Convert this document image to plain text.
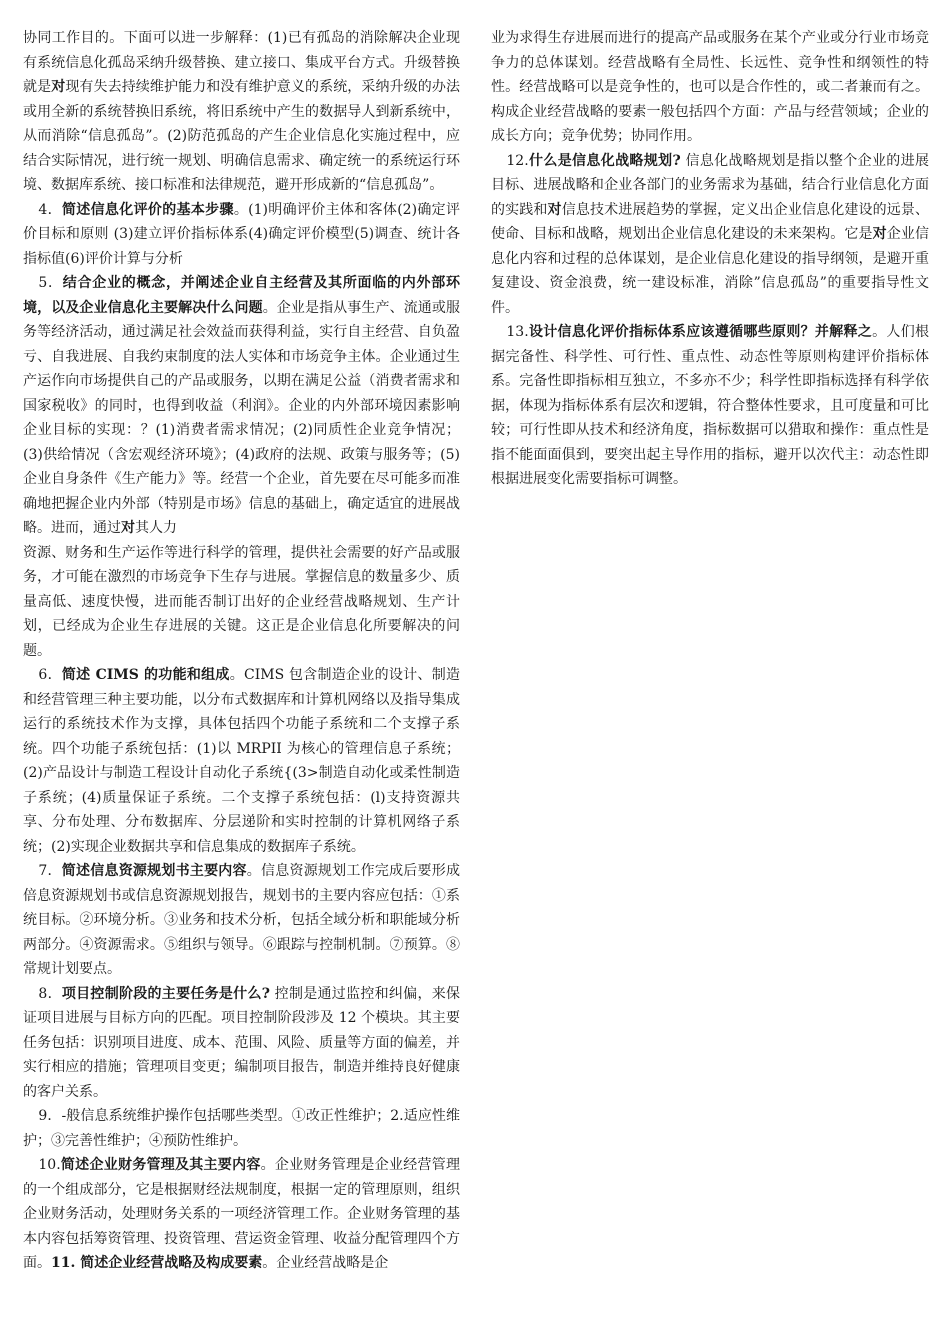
协同工作目的。下面可以进一步解释：(1)已有孤岛的消除解决企业现有系统信息化孤岛采纳升级替换、建立接口、集成平台方式。升级替换就是对现有失去持续维护能力和没有维护意义的系统，采纳升级的办法或用全新的系统替换旧系统，将旧系统中产生的数据导人到新系统中，从而消除“信息孤岛”。(2)防范孤岛的产生企业信息化实施过程中，应结合实际情况，进行统一规划、明确信息需求、确定统一的系统运行环境、数据库系统、接口标准和法律规范，避开形成新的“信息孤岛”。

4．简述信息化评价的基本步骤。(1)明确评价主体和客体(2)确定评价目标和原则 (3)建立评价指标体系(4)确定评价模型(5)调查、统计各指标值(6)评价计算与分析

5．结合企业的概念，并阐述企业自主经营及其所面临的内外部环境，以及企业信息化主要解决什么问题。企业是指从事生产、流通或服务等经济活动，通过满足社会效益而获得利益，实行自主经营、自负盈亏、自我进展、自我约束制度的法人实体和市场竞争主体。企业通过生产运作向市场提供自己的产品或服务，以期在满足公益（消费者需求和国家税收》的同时，也得到收益（利润》。企业的内外部环境因素影响企业目标的实现：？(1)消费者需求情况；(2)同质性企业竞争情况；(3)供给情况（含宏观经济环境》；(4)政府的法规、政策与服务等；(5)企业自身条件《生产能力》等。经营一个企业，首先要在尽可能多而准确地把握企业内外部（特别是市场》信息的基础上，确定适宜的进展战略。进而，通过对其人力

资源、财务和生产运作等进行科学的管理，提供社会需要的好产品或服务，才可能在激烈的市场竞争下生存与进展。掌握信息的数量多少、质量高低、速度快慢，进而能否制订出好的企业经营战略规划、生产计划，已经成为企业生存进展的关键。这正是企业信息化所要解决的问题。

6．简述 CIMS 的功能和组成。CIMS 包含制造企业的设计、制造和经营管理三种主要功能，以分布式数据库和计算机网络以及指导集成运行的系统技术作为支撑，具体包括四个功能子系统和二个支撑子系统。四个功能子系统包括：(1)以 MRPII 为核心的管理信息子系统；(2)产品设计与制造工程设计自动化子系统{(3>制造自动化或柔性制造子系统；(4)质量保证子系统。二个支撑子系统包括：(l)支持资源共享、分布处理、分布数据库、分层递阶和实时控制的计算机网络子系统；(2)实现企业数据共享和信息集成的数据库子系统。

7．简述信息资源规划书主要内容。信息资源规划工作完成后要形成倍息资源规划书或信息资源规划报告，规划书的主要内容应包括：①系统目标。②环境分析。③业务和技术分析，包括全域分析和职能域分析两部分。④资源需求。⑤组织与领导。⑥跟踪与控制机制。⑦预算。⑧常规计划要点。

8．项目控制阶段的主要任务是什么? 控制是通过监控和纠偏，来保证项目进展与目标方向的匹配。项目控制阶段涉及 12 个模块。其主要任务包括：识别项目进度、成本、范围、风险、质量等方面的偏差，并实行相应的措施；管理项目变更；编制项目报告，制造并维持良好健康的客户关系。

9．-般信息系统维护操作包括哪些类型。①改正性维护；2.适应性维护；③完善性维护；④预防性维护。

10.简述企业财务管理及其主要内容。企业财务管理是企业经营管理的一个组成部分，它是根据财经法规制度，根据一定的管理原则，组织企业财务活动，处理财务关系的一项经济管理工作。企业财务管理的基本内容包括筹资管理、投资管理、营运资金管理、收益分配管理四个方面。11. 简述企业经营战略及构成要素。企业经营战略是企

业为求得生存进展而进行的提高产品或服务在某个产业或分行业市场竞争力的总体谋划。经营战略有全局性、长远性、竞争性和纲领性的特性。经营战略可以是竞争性的，也可以是合作性的，或二者兼而有之。构成企业经营战略的要素一般包括四个方面：产品与经营领域；企业的成长方向；竞争优势；协同作用。

12.什么是信息化战略规划? 信息化战略规划是指以整个企业的进展目标、进展战略和企业各部门的业务需求为基础，结合行业信息化方面的实践和对信息技术进展趋势的掌握，定义出企业信息化建设的远景、使命、目标和战略，规划出企业信息化建设的未来架构。它是对企业信息化内容和过程的总体谋划，是企业信息化建设的指导纲领，是避开重复建设、资金浪费，统一建设标准，消除”信息孤岛”的重要指导性文件。

13.设计信息化评价指标体系应该遵循哪些原则？并解释之。人们根据完备性、科学性、可行性、重点性、动态性等原则构建评价指标体系。完备性即指标相互独立，不多亦不少；科学性即指标选择有科学依据，体现为指标体系有层次和逻辑，符合整体性要求，且可度量和可比较；可行性即从技术和经济角度，指标数据可以猎取和操作：重点性是指不能面面俱到，要突出起主导作用的指标，避开以次代主：动态性即根据进展变化需要指标可调整。
